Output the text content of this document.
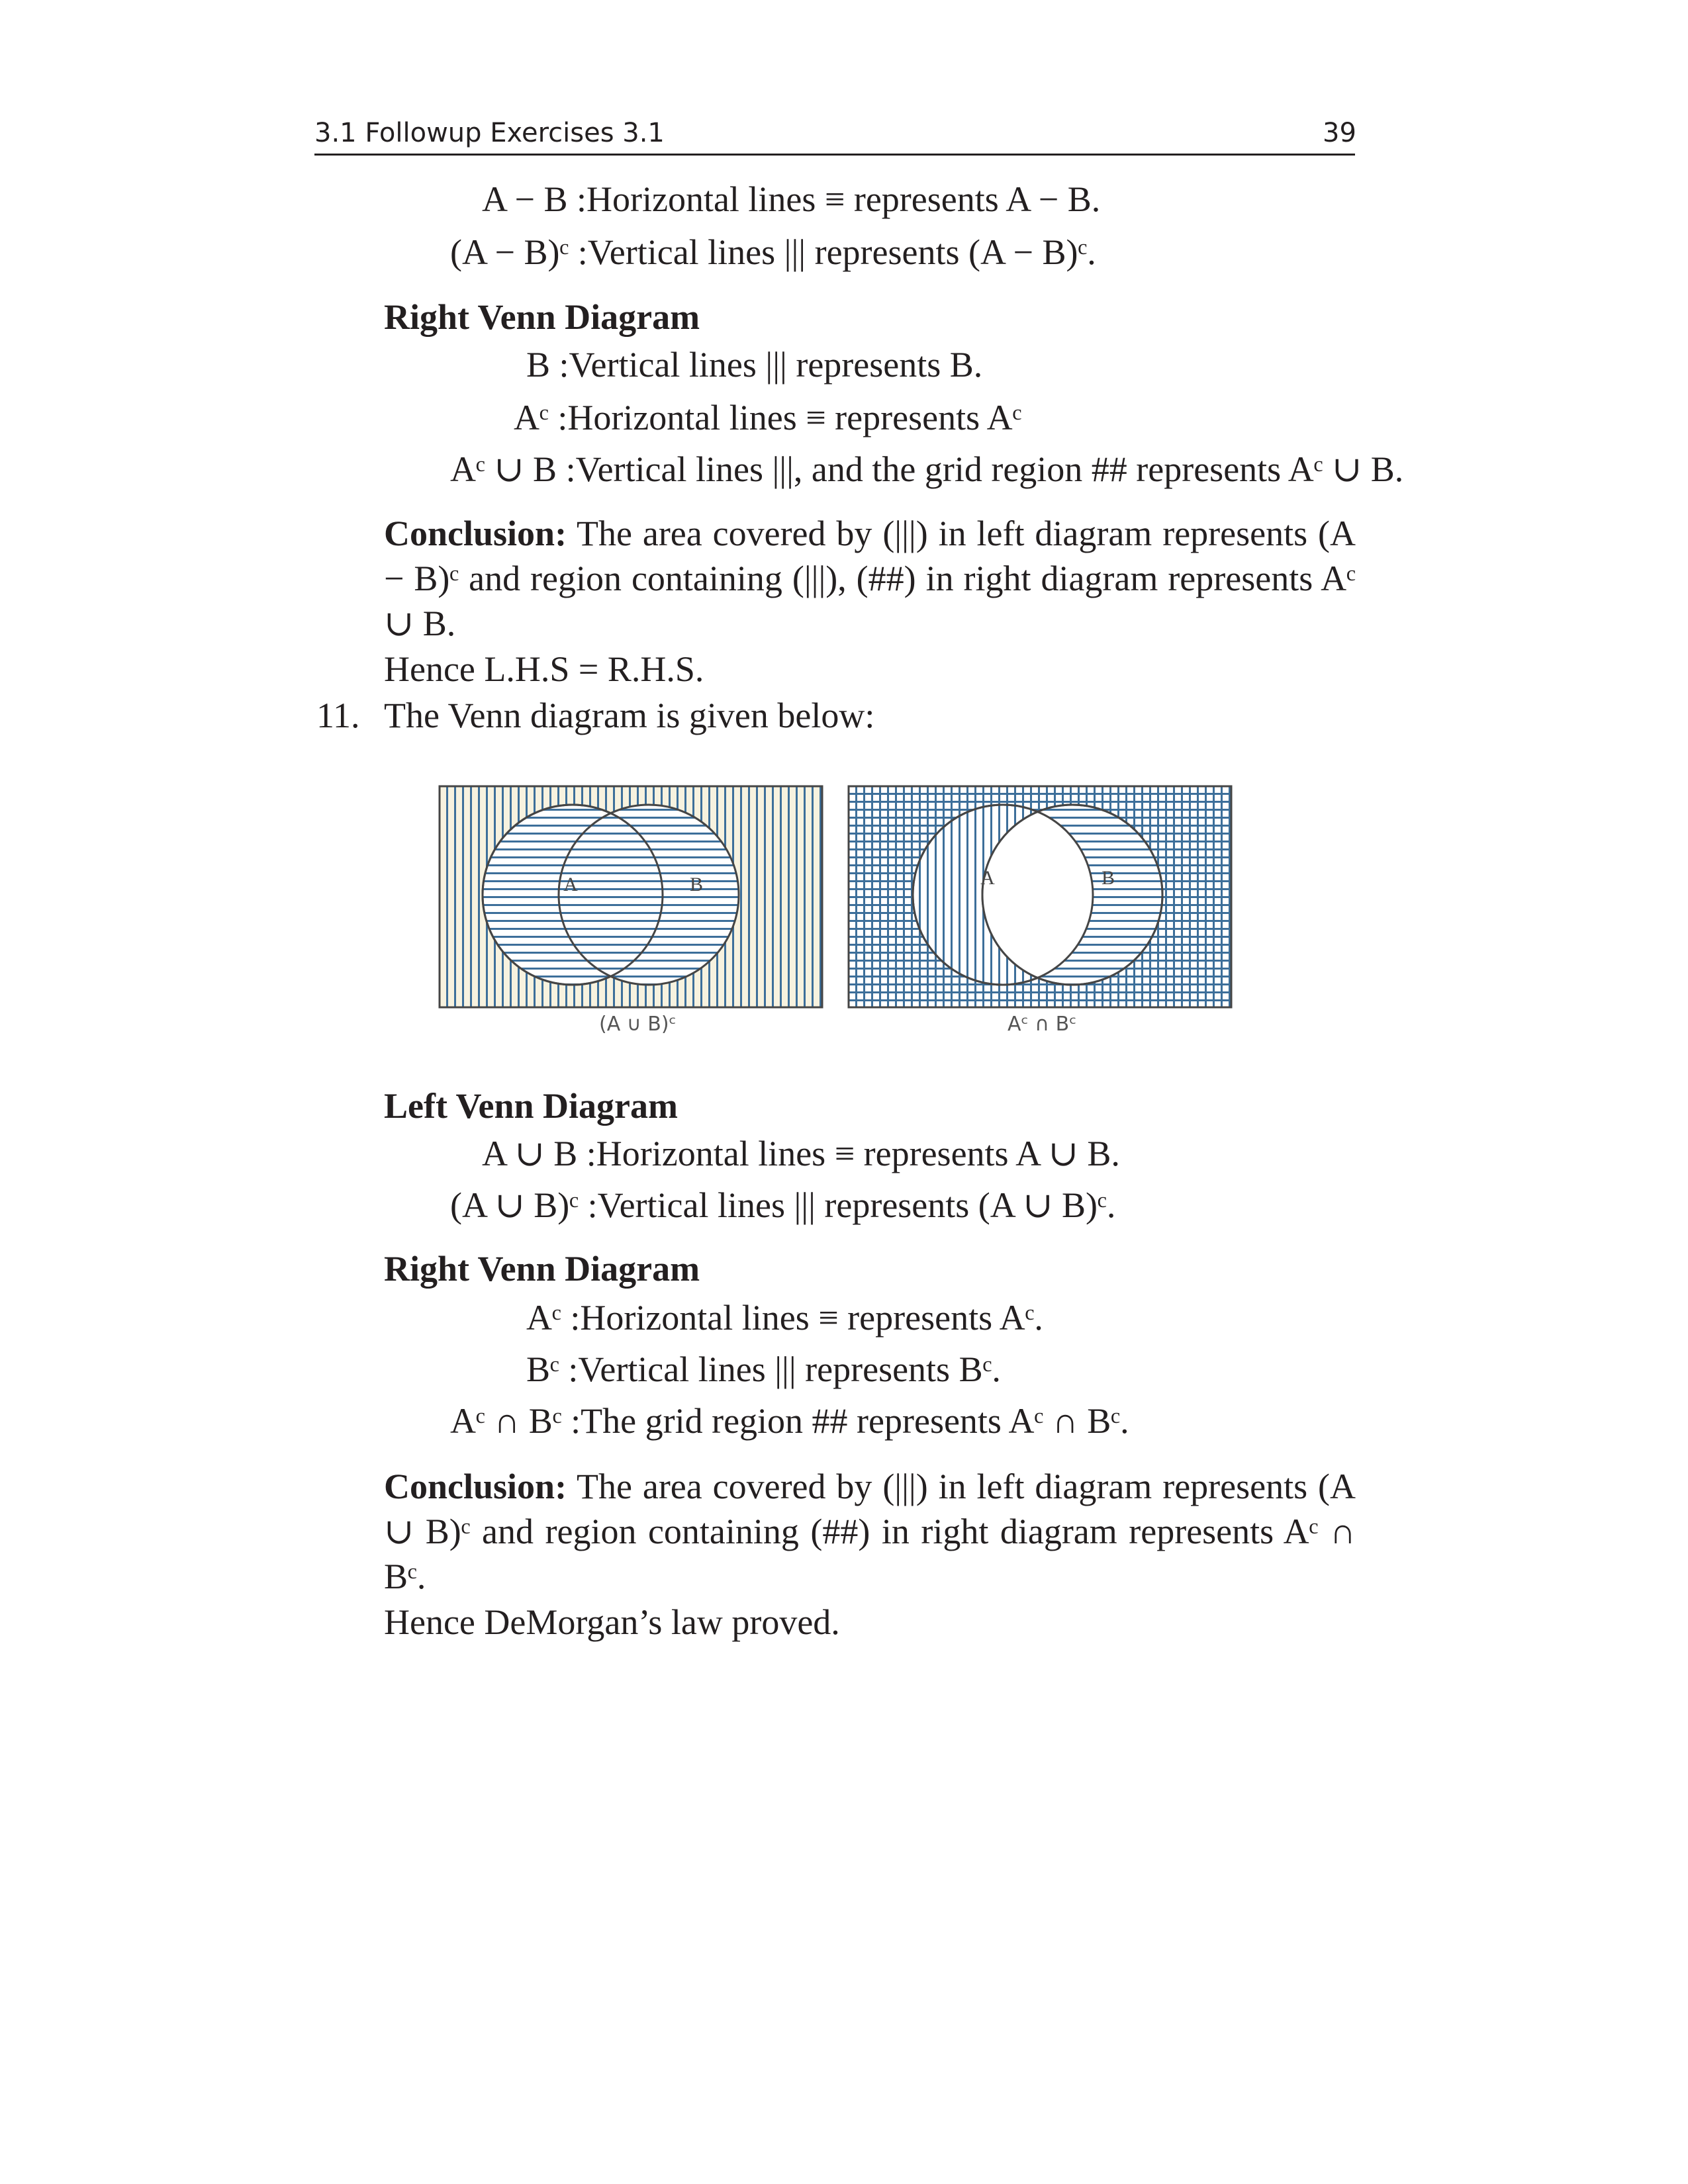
3.1 Followup Exercises 3.1	39
A − B :Horizontal lines ≡ represents A − B.
(A − B)ᶜ :Vertical lines ||| represents (A − B)ᶜ.
Right Venn Diagram
B :Vertical lines ||| represents B.
Aᶜ :Horizontal lines ≡ represents Aᶜ
Aᶜ ∪ B :Vertical lines |||, and the grid region ## represents Aᶜ ∪ B.
Conclusion: The area covered by (|||) in left diagram represents (A − B)ᶜ and region containing (|||), (##) in right diagram represents Aᶜ ∪ B.
Hence L.H.S = R.H.S.
11. The Venn diagram is given below:
A	B
(A ∪ B)ᶜ
A	B
Aᶜ ∩ Bᶜ
Left Venn Diagram
A ∪ B :Horizontal lines ≡ represents A ∪ B.
(A ∪ B)ᶜ :Vertical lines ||| represents (A ∪ B)ᶜ.
Right Venn Diagram
Aᶜ :Horizontal lines ≡ represents Aᶜ.
Bᶜ :Vertical lines ||| represents Bᶜ.
Aᶜ ∩ Bᶜ :The grid region ## represents Aᶜ ∩ Bᶜ.
Conclusion: The area covered by (|||) in left diagram represents (A ∪ B)ᶜ and region containing (##) in right diagram represents Aᶜ ∩ Bᶜ.
Hence DeMorgan’s law proved.
